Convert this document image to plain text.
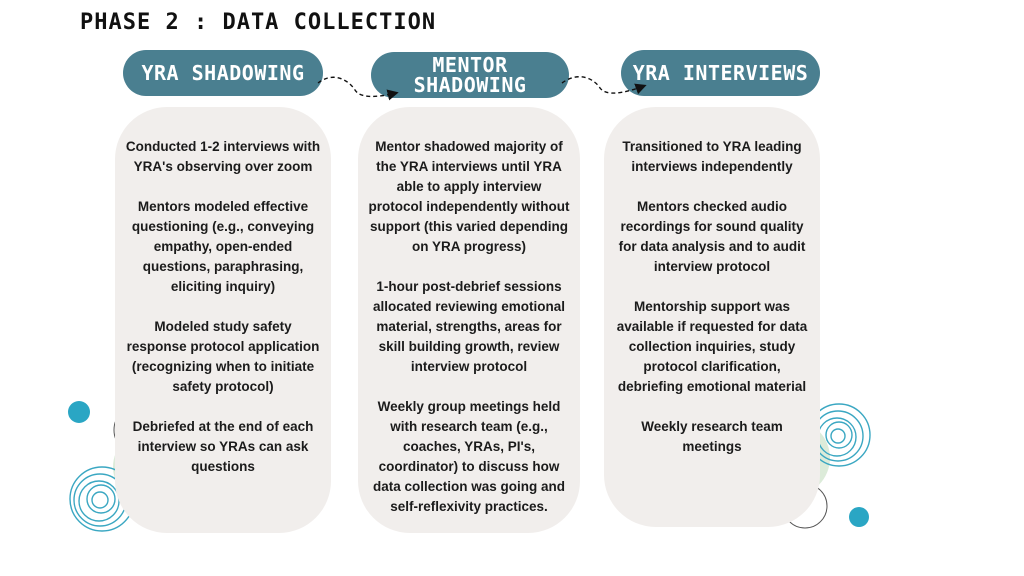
PHASE 2 : DATA COLLECTION

Conducted 1-2 interviews with YRA's observing over zoom

Mentors modeled effective questioning (e.g., conveying empathy, open-ended questions, paraphrasing, eliciting inquiry)

Modeled study safety response protocol application (recognizing when to initiate safety protocol)

Debriefed at the end of each interview so YRAs can ask questions

YRA SHADOWING

Mentor shadowed majority of the YRA interviews until YRA able to apply interview protocol independently without support (this varied depending on YRA progress)

1-hour post-debrief sessions allocated reviewing emotional material, strengths, areas for skill building growth, review interview protocol

Weekly group meetings held with research team (e.g., coaches, YRAs, PI's, coordinator) to discuss how data collection was going and self-reflexivity practices.

MENTOR
SHADOWING

Transitioned to YRA leading interviews independently

Mentors checked audio recordings for sound quality for data analysis and to audit interview protocol

Mentorship support was available if requested for data collection inquiries, study protocol clarification, debriefing emotional material

Weekly research team meetings

YRA INTERVIEWS
